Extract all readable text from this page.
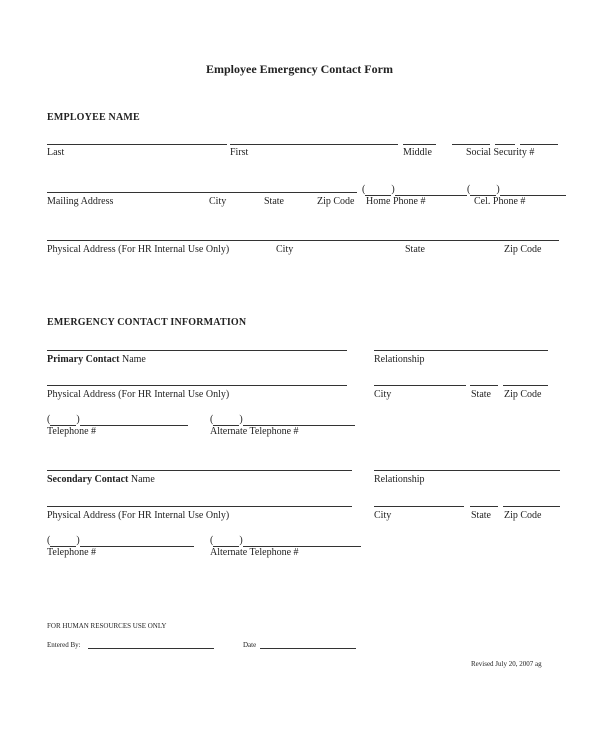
Employee Emergency Contact Form
EMPLOYEE NAME
Last	First	Middle	Social Security #
(	)	(	)
Mailing Address	City	State	Zip Code Home Phone #	Cel. Phone #
Physical Address (For HR Internal Use Only)	City	State	Zip Code
EMERGENCY CONTACT INFORMATION
Primary Contact Name	Relationship
Physical Address (For HR Internal Use Only)	City	State Zip Code
(	)	(	)
Telephone #	Alternate Telephone #
Secondary Contact Name	Relationship
Physical Address (For HR Internal Use Only)	City	State Zip Code
(	)	(	)
Telephone #	Alternate Telephone #
FOR HUMAN RESOURCES USE ONLY
Entered By:	Date
Revised July 20, 2007 ag
